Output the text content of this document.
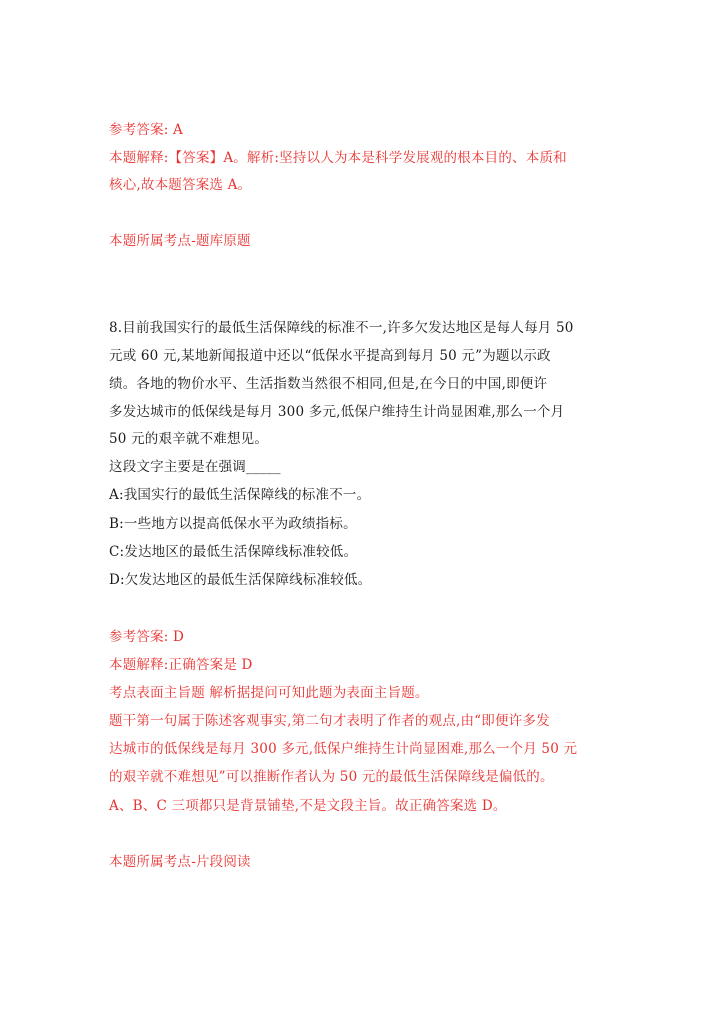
参考答案: A
本题解释:【答案】A。解析:坚持以人为本是科学发展观的根本目的、本质和
核心,故本题答案选 A。
本题所属考点-题库原题
8.目前我国实行的最低生活保障线的标准不一,许多欠发达地区是每人每月 50
元或 60 元,某地新闻报道中还以“低保水平提高到每月 50 元”为题以示政
绩。各地的物价水平、生活指数当然很不相同,但是,在今日的中国,即便许
多发达城市的低保线是每月 300 多元,低保户维持生计尚显困难,那么一个月
50 元的艰辛就不难想见。
这段文字主要是在强调_____
A:我国实行的最低生活保障线的标准不一。
B:一些地方以提高低保水平为政绩指标。
C:发达地区的最低生活保障线标准较低。
D:欠发达地区的最低生活保障线标准较低。
参考答案: D
本题解释:正确答案是 D
考点表面主旨题 解析据提问可知此题为表面主旨题。
题干第一句属于陈述客观事实,第二句才表明了作者的观点,由“即便许多发
达城市的低保线是每月 300 多元,低保户维持生计尚显困难,那么一个月 50 元
的艰辛就不难想见”可以推断作者认为 50 元的最低生活保障线是偏低的。
A、B、C 三项都只是背景铺垫,不是文段主旨。故正确答案选 D。
本题所属考点-片段阅读
